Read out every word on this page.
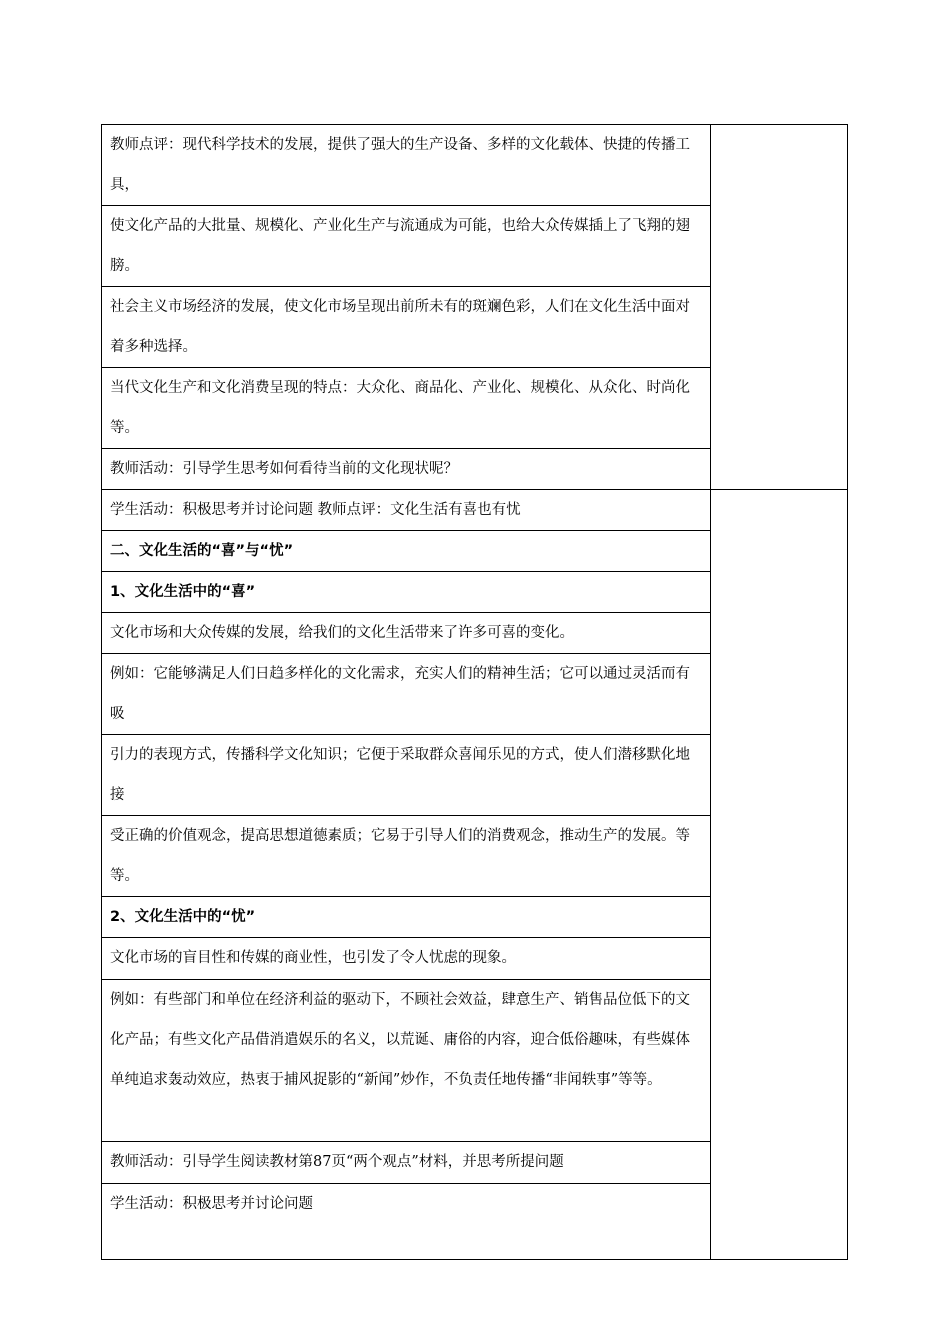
教师点评：现代科学技术的发展，提供了强大的生产设备、多样的文化载体、快捷的传播工具，	
使文化产品的大批量、规模化、产业化生产与流通成为可能，也给大众传媒插上了飞翔的翅膀。	
社会主义市场经济的发展，使文化市场呈现出前所未有的斑斓色彩，人们在文化生活中面对着多种选择。	
当代文化生产和文化消费呈现的特点：大众化、商品化、产业化、规模化、从众化、时尚化等。	
教师活动：引导学生思考如何看待当前的文化现状呢？	
学生活动：积极思考并讨论问题 教师点评：文化生活有喜也有忧	
二、文化生活的“喜”与“忧”	
1、文化生活中的“喜”	
文化市场和大众传媒的发展，给我们的文化生活带来了许多可喜的变化。	
例如：它能够满足人们日趋多样化的文化需求，充实人们的精神生活；它可以通过灵活而有吸	
引力的表现方式，传播科学文化知识；它便于采取群众喜闻乐见的方式，使人们潜移默化地接	
受正确的价值观念，提高思想道德素质；它易于引导人们的消费观念，推动生产的发展。等等。	
2、文化生活中的“忧”	
文化市场的盲目性和传媒的商业性，也引发了令人忧虑的现象。	
例如：有些部门和单位在经济利益的驱动下，不顾社会效益，肆意生产、销售品位低下的文化产品；有些文化产品借消遣娱乐的名义，以荒诞、庸俗的内容，迎合低俗趣味，有些媒体单纯追求轰动效应，热衷于捕风捉影的“新闻”炒作，不负责任地传播“非闻轶事”等等。	
教师活动：引导学生阅读教材第87页“两个观点”材料，并思考所提问题	
学生活动：积极思考并讨论问题	
